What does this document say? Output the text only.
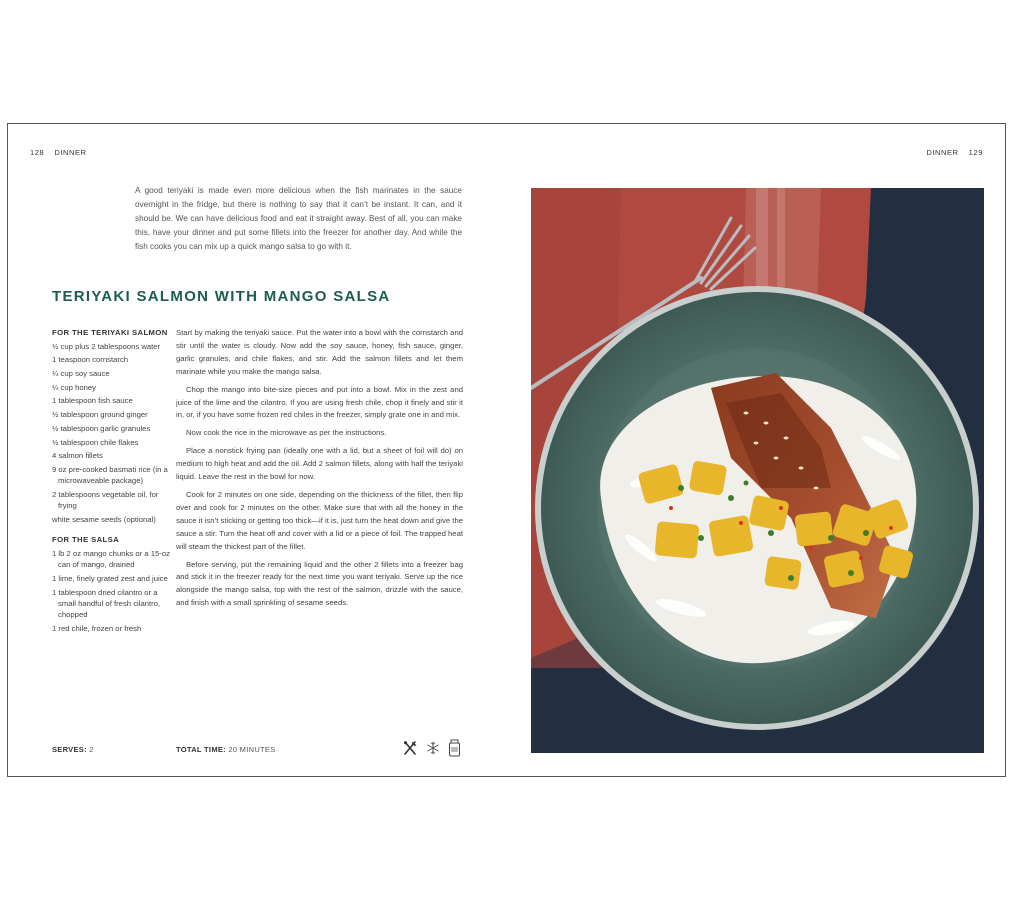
128 DINNER	DINNER 129

A good teriyaki is made even more delicious when the fish marinates in the sauce overnight in the fridge, but there is nothing to say that it can’t be instant. It can, and it should be. We can have delicious food and eat it straight away. Best of all, you can make this, have your dinner and put some fillets into the freezer for another day. And while the fish cooks you can mix up a quick mango salsa to go with it.

TERIYAKI SALMON WITH MANGO SALSA
FOR THE TERIYAKI SALMON
½ cup plus 2 tablespoons water
1 teaspoon cornstarch
¼ cup soy sauce
¼ cup honey
1 tablespoon fish sauce
½ tablespoon ground ginger
½ tablespoon garlic granules
½ tablespoon chile flakes
4 salmon fillets
9 oz pre-cooked basmati rice (in a microwaveable package)
2 tablespoons vegetable oil, for frying
white sesame seeds (optional)
FOR THE SALSA
1 lb 2 oz mango chunks or a 15-oz can of mango, drained
1 lime, finely grated zest and juice
1 tablespoon dried cilantro or a small handful of fresh cilantro, chopped
1 red chile, frozen or fresh

Start by making the teriyaki sauce. Put the water into a bowl with the cornstarch and stir until the water is cloudy. Now add the soy sauce, honey, fish sauce, ginger, garlic granules, and chile flakes, and stir. Add the salmon fillets and let them marinate while you make the mango salsa.

Chop the mango into bite-size pieces and put into a bowl. Mix in the zest and juice of the lime and the cilantro. If you are using fresh chile, chop it finely and stir it in, or, if you have some frozen red chiles in the freezer, simply grate one in and mix.

Now cook the rice in the microwave as per the instructions.

Place a nonstick frying pan (ideally one with a lid, but a sheet of foil will do) on medium to high heat and add the oil. Add 2 salmon fillets, along with half the teriyaki liquid. Leave the rest in the bowl for now.

Cook for 2 minutes on one side, depending on the thickness of the fillet, then flip over and cook for 2 minutes on the other. Make sure that with all the honey in the sauce it isn’t sticking or getting too thick—if it is, just turn the heat down and give the sauce a stir. Turn the heat off and cover with a lid or a piece of foil. The trapped heat will steam the thickest part of the fillet.

Before serving, put the remaining liquid and the other 2 fillets into a freezer bag and stick it in the freezer ready for the next time you want teriyaki. Serve up the rice alongside the mango salsa, top with the rest of the salmon, drizzle with the sauce, and finish with a small sprinkling of sesame seeds.

SERVES: 2	TOTAL TIME: 20 MINUTES
